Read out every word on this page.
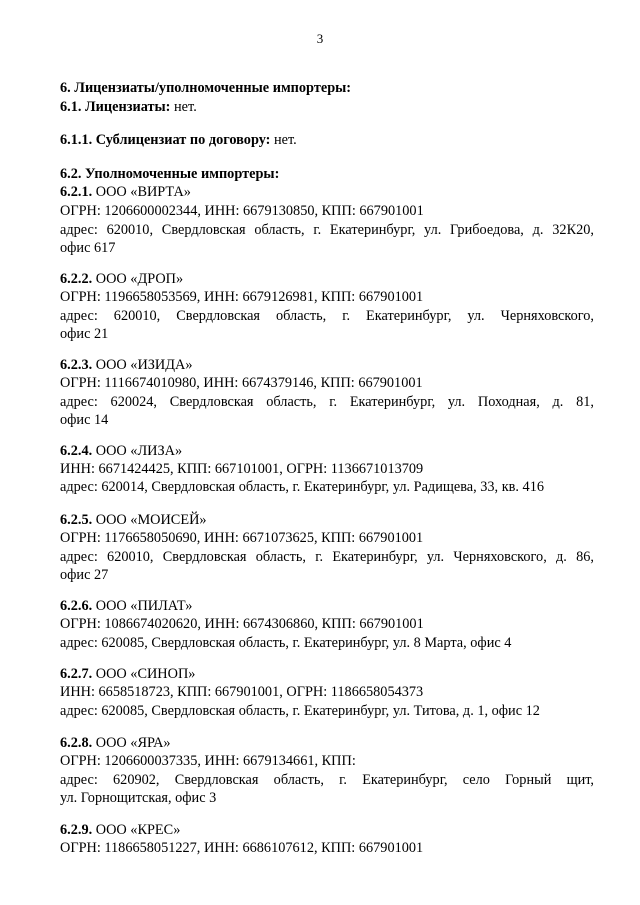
3
6. Лицензиаты/уполномоченные импортеры:
6.1. Лицензиаты: нет.
6.1.1. Сублицензиат по договору: нет.
6.2. Уполномоченные импортеры:
6.2.1. ООО «ВИРТА»
ОГРН: 1206600002344, ИНН: 6679130850, КПП: 667901001
адрес: 620010, Свердловская область, г. Екатеринбург, ул. Грибоедова, д. 32К20,
офис 617
6.2.2. ООО «ДРОП»
ОГРН: 1196658053569, ИНН: 6679126981, КПП: 667901001
адрес: 620010, Свердловская область, г. Екатеринбург, ул. Черняховского,
офис 21
6.2.3. ООО «ИЗИДА»
ОГРН: 1116674010980, ИНН: 6674379146, КПП: 667901001
адрес: 620024, Свердловская область, г. Екатеринбург, ул. Походная, д. 81,
офис 14
6.2.4. ООО «ЛИЗА»
ИНН: 6671424425, КПП: 667101001, ОГРН: 1136671013709
адрес: 620014, Свердловская область, г. Екатеринбург, ул. Радищева, 33, кв. 416
6.2.5. ООО «МОИСЕЙ»
ОГРН: 1176658050690, ИНН: 6671073625, КПП: 667901001
адрес: 620010, Свердловская область, г. Екатеринбург, ул. Черняховского, д. 86,
офис 27
6.2.6. ООО «ПИЛАТ»
ОГРН: 1086674020620, ИНН: 6674306860, КПП: 667901001
адрес: 620085, Свердловская область, г. Екатеринбург, ул. 8 Марта, офис 4
6.2.7. ООО «СИНОП»
ИНН: 6658518723, КПП: 667901001, ОГРН: 1186658054373
адрес: 620085, Свердловская область, г. Екатеринбург, ул. Титова, д. 1, офис 12
6.2.8. ООО «ЯРА»
ОГРН: 1206600037335, ИНН: 6679134661, КПП:
адрес: 620902, Свердловская область, г. Екатеринбург, село Горный щит,
ул. Горнощитская, офис 3
6.2.9. ООО «КРЕС»
ОГРН: 1186658051227, ИНН: 6686107612, КПП: 667901001
